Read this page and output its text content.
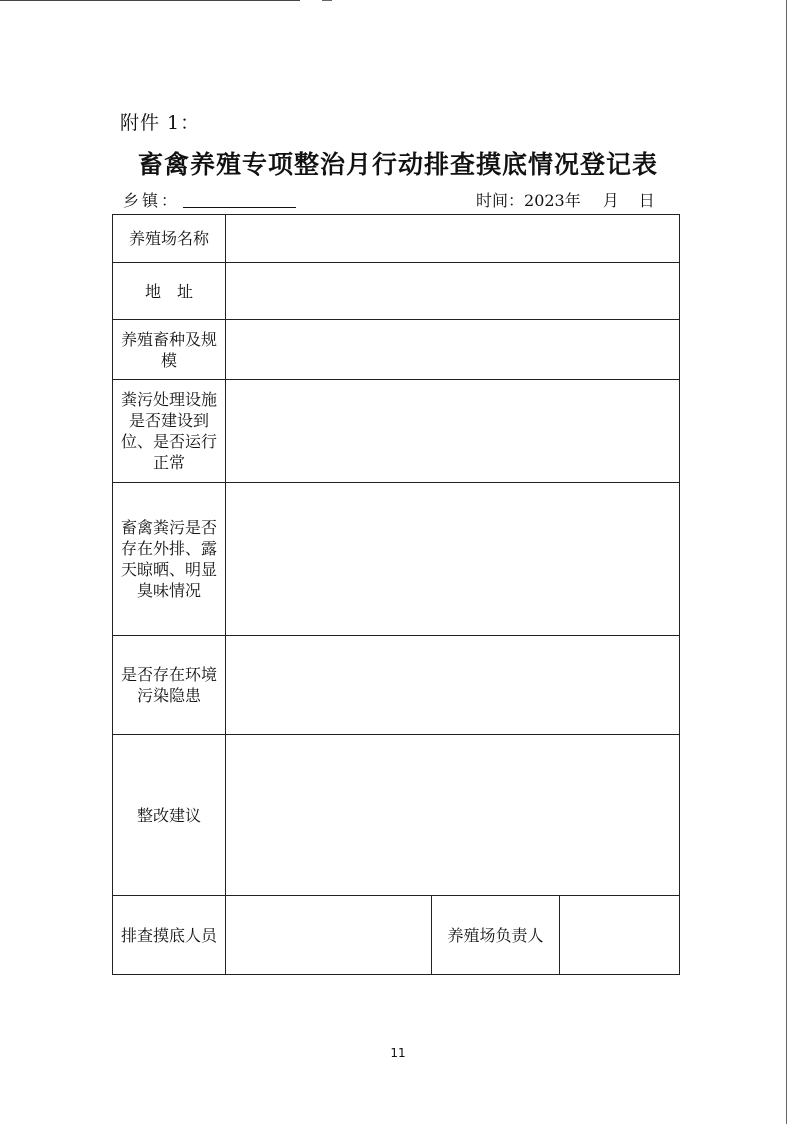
附件 1：
畜禽养殖专项整治月行动排查摸底情况登记表
乡镇：	时间：2023年 月 日
养殖场名称			
地　址			
养殖畜种及规模			
粪污处理设施是否建设到位、是否运行正常			
畜禽粪污是否存在外排、露天晾晒、明显臭味情况			
是否存在环境污染隐患			
整改建议			
排查摸底人员		养殖场负责人	
11
